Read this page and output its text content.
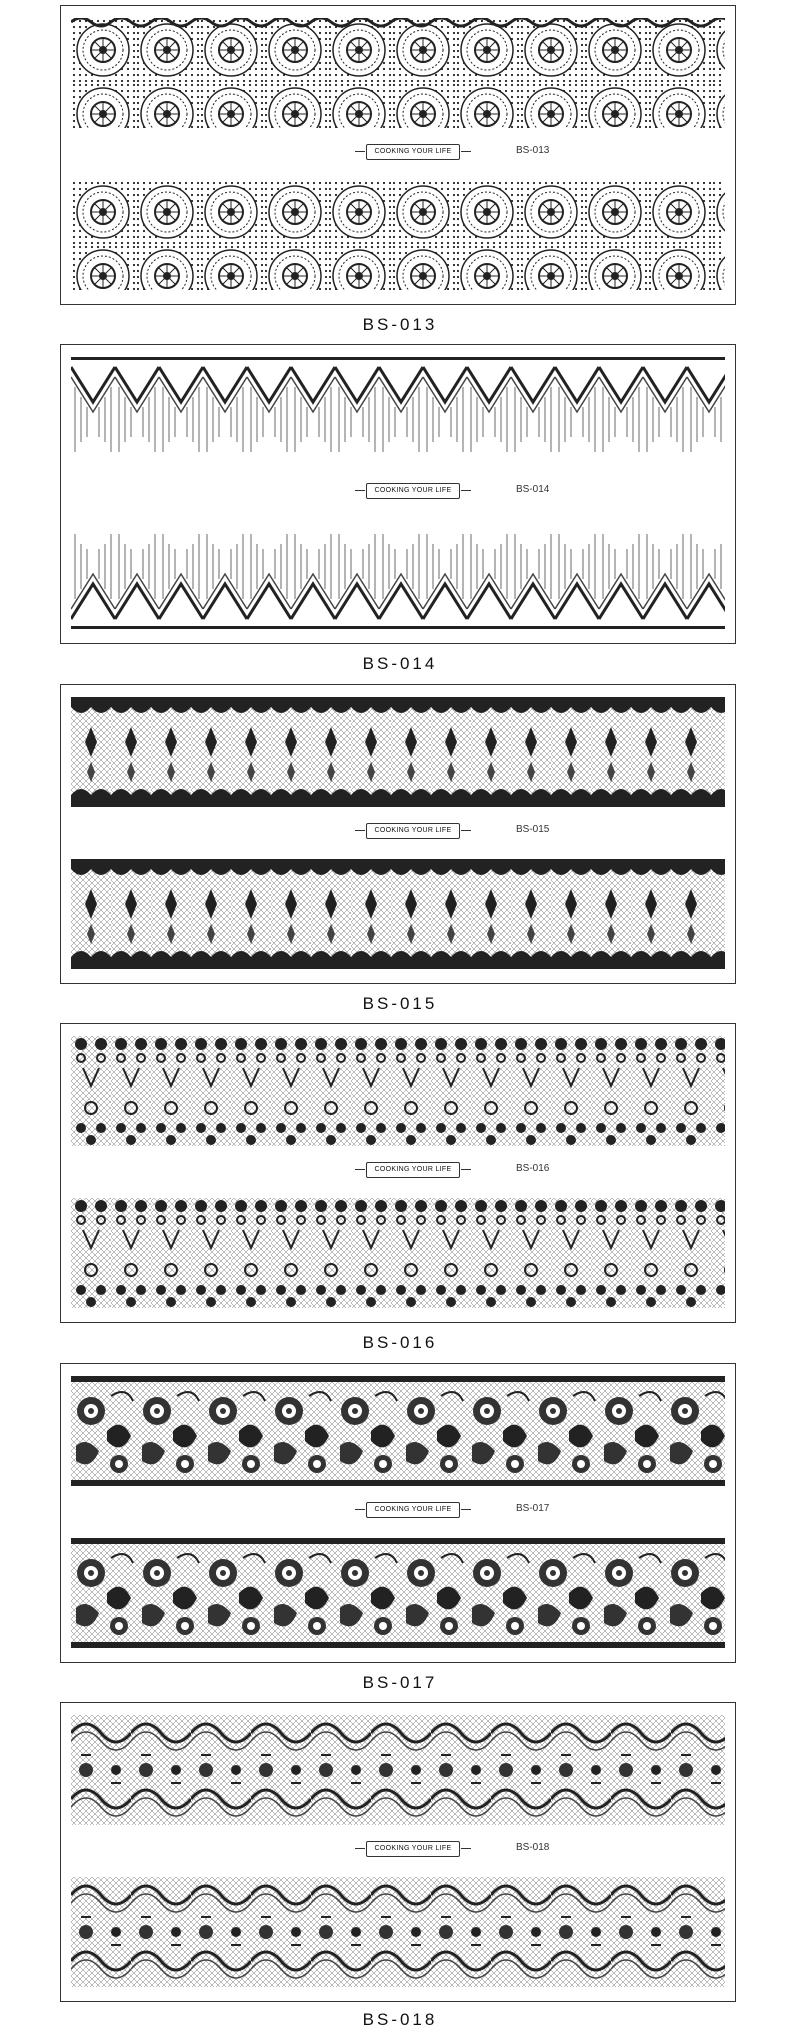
COOKING YOUR LIFE	BS-013
BS-013
COOKING YOUR LIFE	BS-014
BS-014
COOKING YOUR LIFE	BS-015
BS-015
COOKING YOUR LIFE	BS-016
BS-016
COOKING YOUR LIFE	BS-017
BS-017
COOKING YOUR LIFE	BS-018
BS-018
